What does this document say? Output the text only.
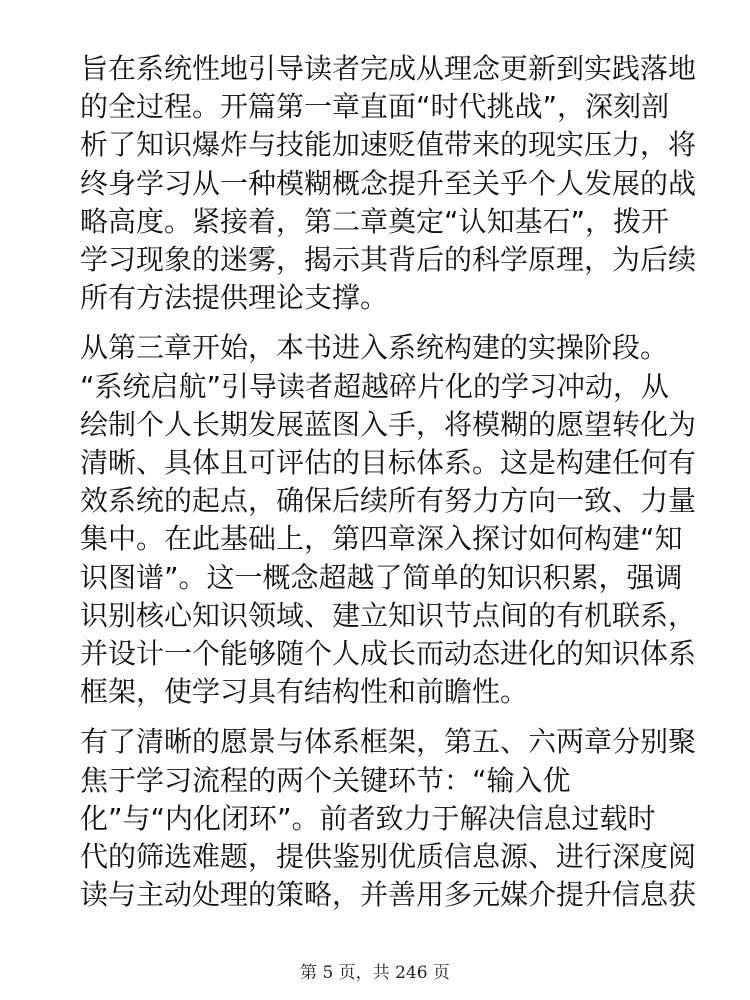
旨在系统性地引导读者完成从理念更新到实践落地
的全过程。开篇第一章直面“时代挑战”，深刻剖
析了知识爆炸与技能加速贬值带来的现实压力，将
终身学习从一种模糊概念提升至关乎个人发展的战
略高度。紧接着，第二章奠定“认知基石”，拨开
学习现象的迷雾，揭示其背后的科学原理，为后续
所有方法提供理论支撑。
从第三章开始，本书进入系统构建的实操阶段。
“系统启航”引导读者超越碎片化的学习冲动，从
绘制个人长期发展蓝图入手，将模糊的愿望转化为
清晰、具体且可评估的目标体系。这是构建任何有
效系统的起点，确保后续所有努力方向一致、力量
集中。在此基础上，第四章深入探讨如何构建“知
识图谱”。这一概念超越了简单的知识积累，强调
识别核心知识领域、建立知识节点间的有机联系，
并设计一个能够随个人成长而动态进化的知识体系
框架，使学习具有结构性和前瞻性。
有了清晰的愿景与体系框架，第五、六两章分别聚
焦于学习流程的两个关键环节：“输入优
化”与“内化闭环”。前者致力于解决信息过载时
代的筛选难题，提供鉴别优质信息源、进行深度阅
读与主动处理的策略，并善用多元媒介提升信息获
第 5 页，共 246 页
